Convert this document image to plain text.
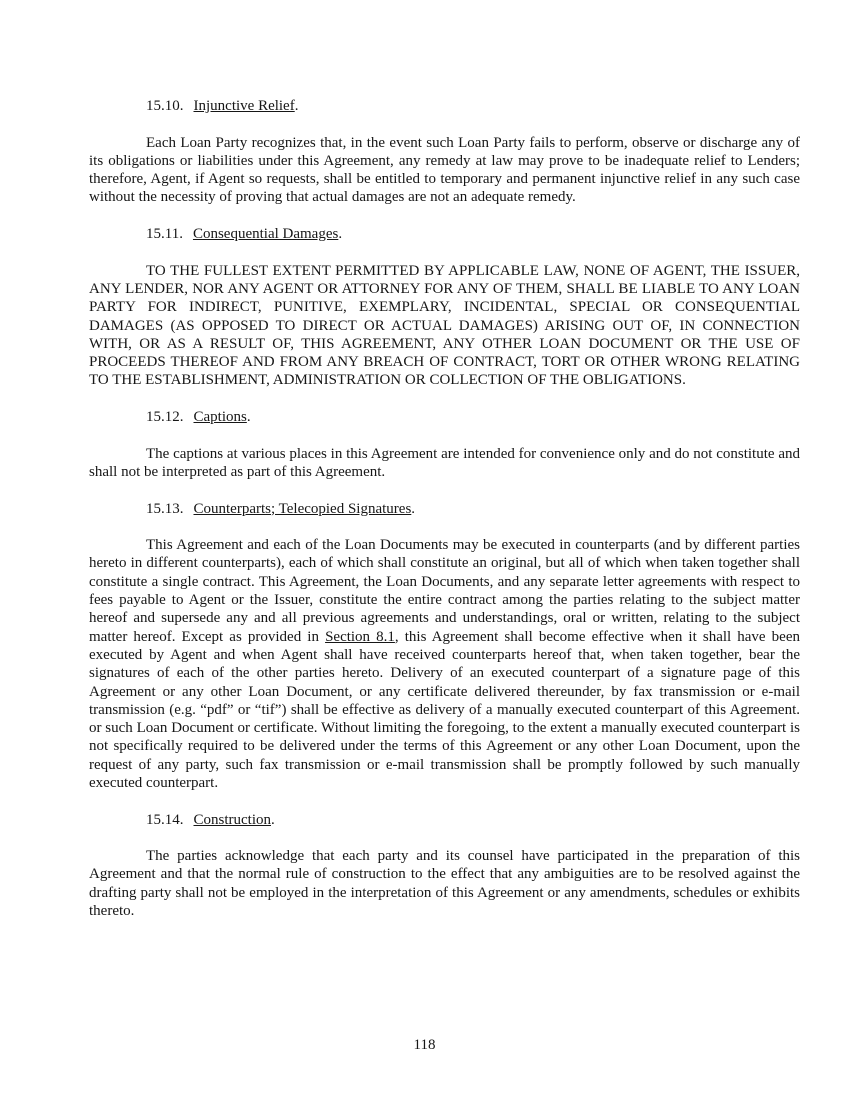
15.10. Injunctive Relief.

Each Loan Party recognizes that, in the event such Loan Party fails to perform, observe or discharge any of its obligations or liabilities under this Agreement, any remedy at law may prove to be inadequate relief to Lenders; therefore, Agent, if Agent so requests, shall be entitled to temporary and permanent injunctive relief in any such case without the necessity of proving that actual damages are not an adequate remedy.

15.11. Consequential Damages.

TO THE FULLEST EXTENT PERMITTED BY APPLICABLE LAW, NONE OF AGENT, THE ISSUER, ANY LENDER, NOR ANY AGENT OR ATTORNEY FOR ANY OF THEM, SHALL BE LIABLE TO ANY LOAN PARTY FOR INDIRECT, PUNITIVE, EXEMPLARY, INCIDENTAL, SPECIAL OR CONSEQUENTIAL DAMAGES (AS OPPOSED TO DIRECT OR ACTUAL DAMAGES) ARISING OUT OF, IN CONNECTION WITH, OR AS A RESULT OF, THIS AGREEMENT, ANY OTHER LOAN DOCUMENT OR THE USE OF PROCEEDS THEREOF AND FROM ANY BREACH OF CONTRACT, TORT OR OTHER WRONG RELATING TO THE ESTABLISHMENT, ADMINISTRATION OR COLLECTION OF THE OBLIGATIONS.

15.12. Captions.

The captions at various places in this Agreement are intended for convenience only and do not constitute and shall not be interpreted as part of this Agreement.

15.13. Counterparts; Telecopied Signatures.

This Agreement and each of the Loan Documents may be executed in counterparts (and by different parties hereto in different counterparts), each of which shall constitute an original, but all of which when taken together shall constitute a single contract. This Agreement, the Loan Documents, and any separate letter agreements with respect to fees payable to Agent or the Issuer, constitute the entire contract among the parties relating to the subject matter hereof and supersede any and all previous agreements and understandings, oral or written, relating to the subject matter hereof. Except as provided in Section 8.1, this Agreement shall become effective when it shall have been executed by Agent and when Agent shall have received counterparts hereof that, when taken together, bear the signatures of each of the other parties hereto. Delivery of an executed counterpart of a signature page of this Agreement or any other Loan Document, or any certificate delivered thereunder, by fax transmission or e-mail transmission (e.g. “pdf” or “tif”) shall be effective as delivery of a manually executed counterpart of this Agreement. or such Loan Document or certificate. Without limiting the foregoing, to the extent a manually executed counterpart is not specifically required to be delivered under the terms of this Agreement or any other Loan Document, upon the request of any party, such fax transmission or e-mail transmission shall be promptly followed by such manually executed counterpart.

15.14. Construction.

The parties acknowledge that each party and its counsel have participated in the preparation of this Agreement and that the normal rule of construction to the effect that any ambiguities are to be resolved against the drafting party shall not be employed in the interpretation of this Agreement or any amendments, schedules or exhibits thereto.

118
